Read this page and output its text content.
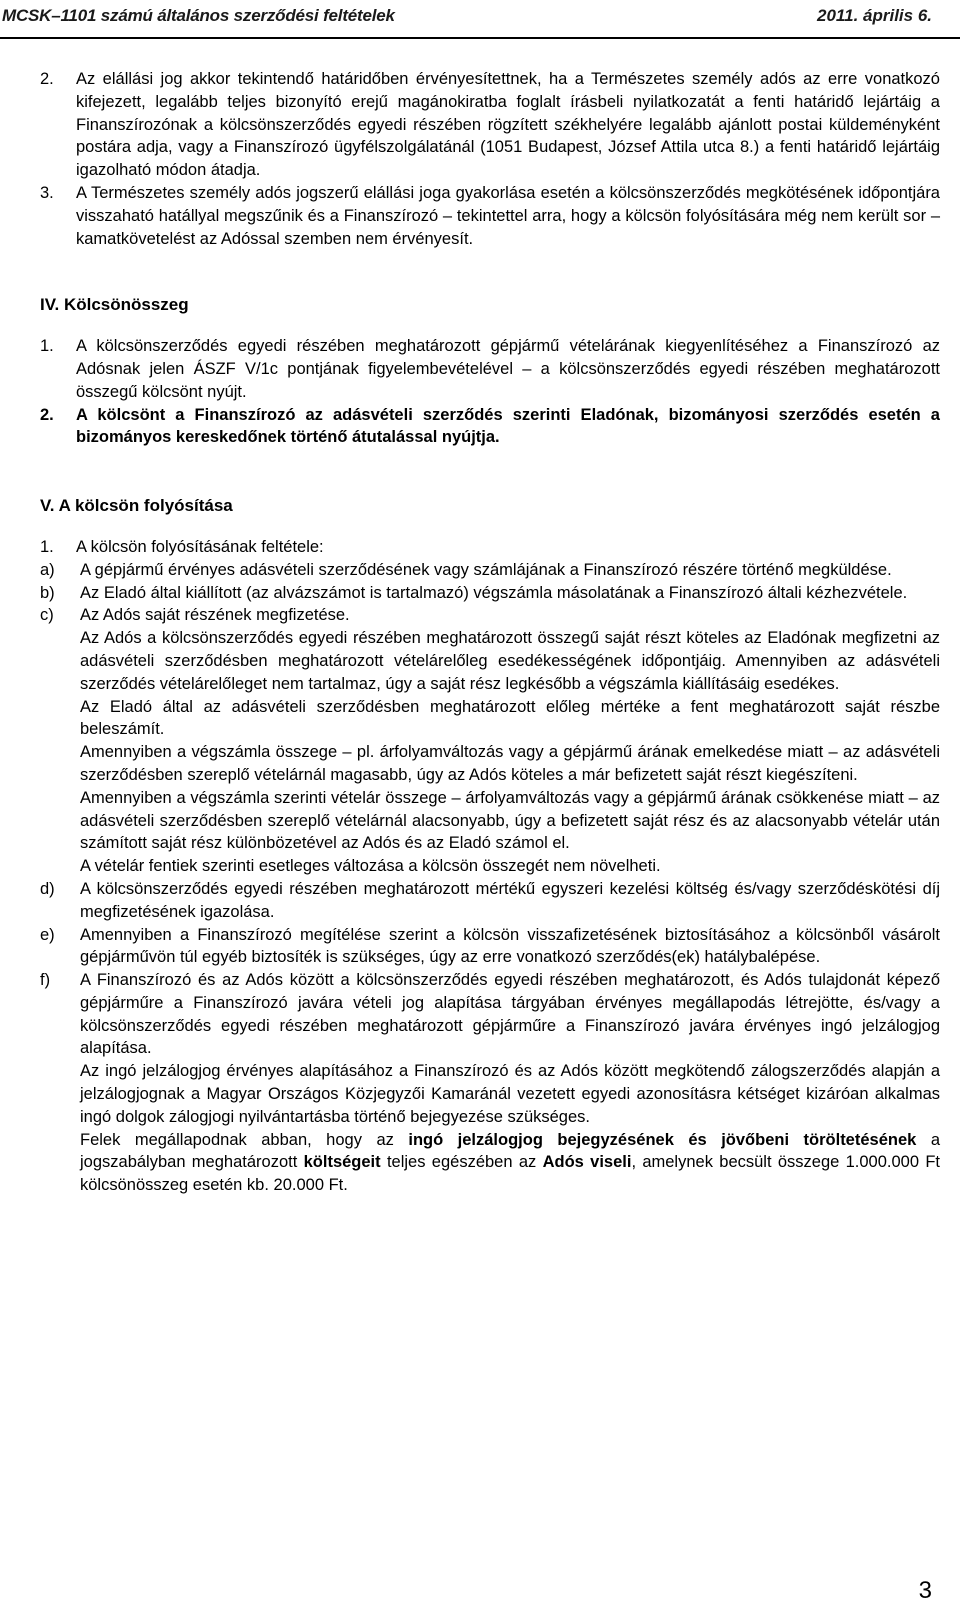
MCSK–1101 számú általános szerződési feltételek	2011. április 6.
2. Az elállási jog akkor tekintendő határidőben érvényesítettnek, ha a Természetes személy adós az erre vonatkozó kifejezett, legalább teljes bizonyító erejű magánokiratba foglalt írásbeli nyilatkozatát a fenti határidő lejártáig a Finanszírozónak a kölcsönszerződés egyedi részében rögzített székhelyére legalább ajánlott postai küldeményként postára adja, vagy a Finanszírozó ügyfélszolgálatánál (1051 Budapest, József Attila utca 8.) a fenti határidő lejártáig igazolható módon átadja.
3. A Természetes személy adós jogszerű elállási joga gyakorlása esetén a kölcsönszerződés megkötésének időpontjára visszaható hatállyal megszűnik és a Finanszírozó – tekintettel arra, hogy a kölcsön folyósítására még nem került sor – kamatkövetelést az Adóssal szemben nem érvényesít.
IV. Kölcsönösszeg
1. A kölcsönszerződés egyedi részében meghatározott gépjármű vételárának kiegyenlítéséhez a Finanszírozó az Adósnak jelen ÁSZF V/1c pontjának figyelembevételével – a kölcsönszerződés egyedi részében meghatározott összegű kölcsönt nyújt.
2. A kölcsönt a Finanszírozó az adásvételi szerződés szerinti Eladónak, bizományosi szerződés esetén a bizományos kereskedőnek történő átutalással nyújtja.
V. A kölcsön folyósítása
1. A kölcsön folyósításának feltétele:
a) A gépjármű érvényes adásvételi szerződésének vagy számlájának a Finanszírozó részére történő megküldése.
b) Az Eladó által kiállított (az alvázszámot is tartalmazó) végszámla másolatának a Finanszírozó általi kézhezvétele.
c) Az Adós saját részének megfizetése.
Az Adós a kölcsönszerződés egyedi részében meghatározott összegű saját részt köteles az Eladónak megfizetni az adásvételi szerződésben meghatározott vételárelőleg esedékességének időpontjáig. Amennyiben az adásvételi szerződés vételárelőleget nem tartalmaz, úgy a saját rész legkésőbb a végszámla kiállításáig esedékes.
Az Eladó által az adásvételi szerződésben meghatározott előleg mértéke a fent meghatározott saját részbe beleszámít.
Amennyiben a végszámla összege – pl. árfolyamváltozás vagy a gépjármű árának emelkedése miatt – az adásvételi szerződésben szereplő vételárnál magasabb, úgy az Adós köteles a már befizetett saját részt kiegészíteni.
Amennyiben a végszámla szerinti vételár összege – árfolyamváltozás vagy a gépjármű árának csökkenése miatt – az adásvételi szerződésben szereplő vételárnál alacsonyabb, úgy a befizetett saját rész és az alacsonyabb vételár után számított saját rész különbözetével az Adós és az Eladó számol el.
A vételár fentiek szerinti esetleges változása a kölcsön összegét nem növelheti.
d) A kölcsönszerződés egyedi részében meghatározott mértékű egyszeri kezelési költség és/vagy szerződéskötési díj megfizetésének igazolása.
e) Amennyiben a Finanszírozó megítélése szerint a kölcsön visszafizetésének biztosításához a kölcsönből vásárolt gépjárművön túl egyéb biztosíték is szükséges, úgy az erre vonatkozó szerződés(ek) hatálybalépése.
f) A Finanszírozó és az Adós között a kölcsönszerződés egyedi részében meghatározott, és Adós tulajdonát képező gépjárműre a Finanszírozó javára vételi jog alapítása tárgyában érvényes megállapodás létrejötte, és/vagy a kölcsönszerződés egyedi részében meghatározott gépjárműre a Finanszírozó javára érvényes ingó jelzálogjog alapítása.
Az ingó jelzálogjog érvényes alapításához a Finanszírozó és az Adós között megkötendő zálogszerződés alapján a jelzálogjognak a Magyar Országos Közjegyzői Kamaránál vezetett egyedi azonosításra kétséget kizáróan alkalmas ingó dolgok zálogjogi nyilvántartásba történő bejegyezése szükséges.
Felek megállapodnak abban, hogy az ingó jelzálogjog bejegyzésének és jövőbeni töröltetésének a jogszabályban meghatározott költségeit teljes egészében az Adós viseli, amelynek becsült összege 1.000.000 Ft kölcsönösszeg esetén kb. 20.000 Ft.
3
